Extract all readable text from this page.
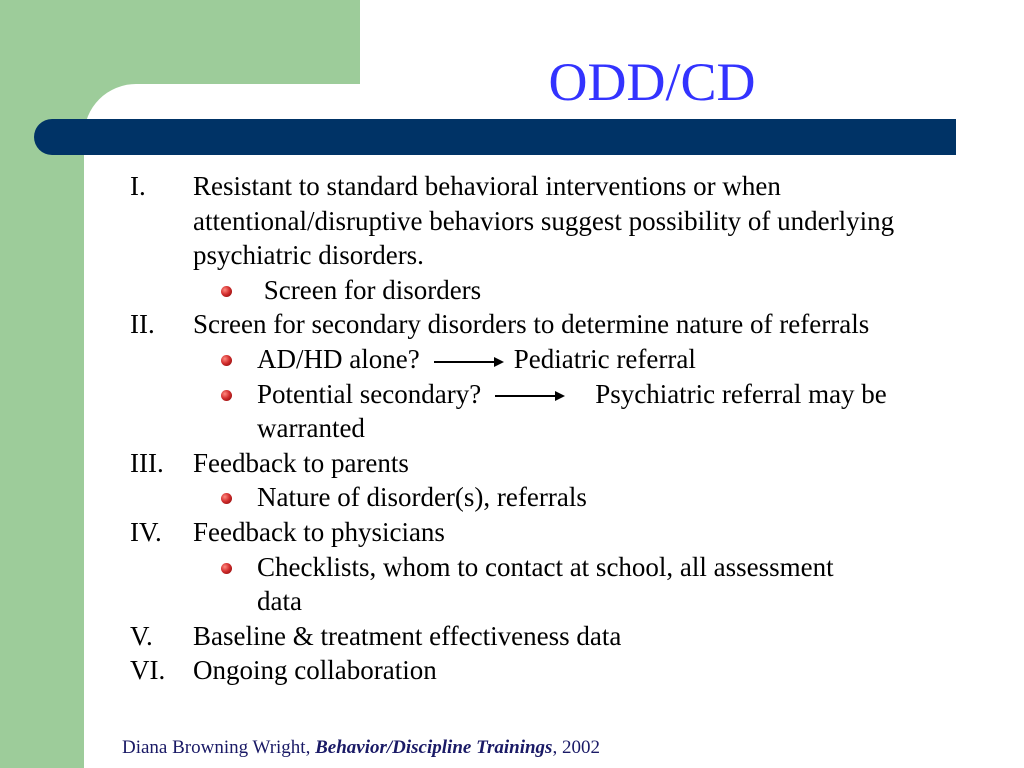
ODD/CD
I. Resistant to standard behavioral interventions or when attentional/disruptive behaviors suggest possibility of underlying psychiatric disorders.
Screen for disorders
II. Screen for secondary disorders to determine nature of referrals
AD/HD alone?	Pediatric referral
Potential secondary?	Psychiatric referral may be warranted
III. Feedback to parents
Nature of disorder(s), referrals
IV. Feedback to physicians
Checklists, whom to contact at school, all assessment data
V. Baseline & treatment effectiveness data
VI. Ongoing collaboration
Diana Browning Wright, Behavior/Discipline Trainings, 2002
